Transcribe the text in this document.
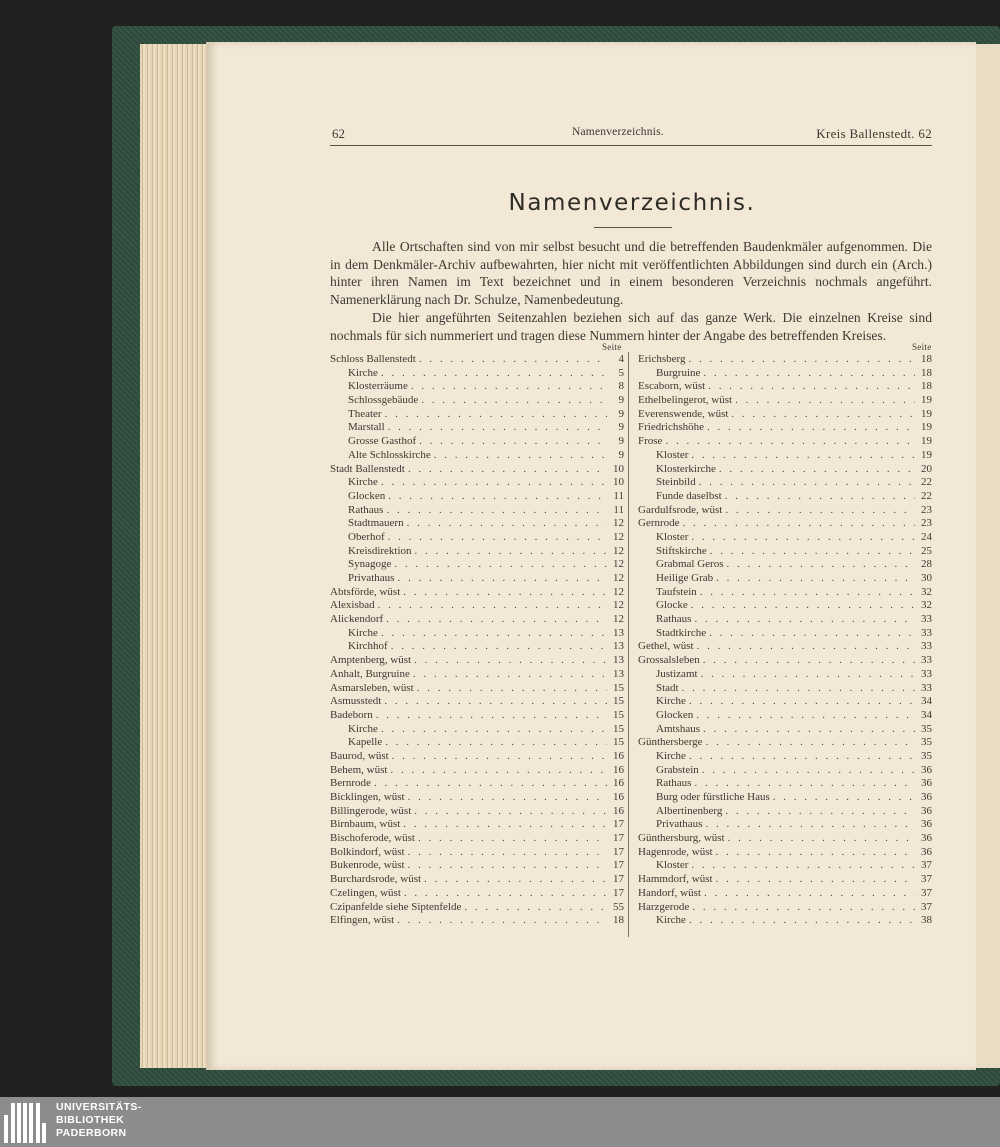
62	Namenverzeichnis.	Kreis Ballenstedt. 62
Namenverzeichnis.

Alle Ortschaften sind von mir selbst besucht und die betreffenden Baudenkmäler aufgenommen. Die in dem Denkmäler-Archiv aufbewahrten, hier nicht mit veröffentlichten Abbildungen sind durch ein (Arch.) hinter ihren Namen im Text bezeichnet und in einem besonderen Verzeichnis nochmals angeführt. Namenerklärung nach Dr. Schulze, Namenbedeutung.

Die hier angeführten Seitenzahlen beziehen sich auf das ganze Werk. Die einzelnen Kreise sind nochmals für sich nummeriert und tragen diese Nummern hinter der Angabe des betreffenden Kreises.

Seite	Seite
Schloss Ballenstedt . . .	4
Kirche . . .	5
Klosterräume . . .	8
Schlossgebäude . . .	9
Theater . . .	9
Marstall . . .	9
Grosse Gasthof . . .	9
Alte Schlosskirche . . .	9
Stadt Ballenstedt . . .	10
Kirche . . .	10
Glocken . . .	11
Rathaus . . .	11
Stadtmauern . . .	12
Oberhof . . .	12
Kreisdirektion . . .	12
Synagoge . . .	12
Privathaus . . .	12
Abtsförde, wüst . . .	12
Alexisbad . . .	12
Alickendorf . . .	12
Kirche . . .	13
Kirchhof . . .	13
Amptenberg, wüst . . .	13
Anhalt, Burgruine . . .	13
Asmarsleben, wüst . . .	15
Asmusstedt . . .	15
Badeborn . . .	15
Kirche . . .	15
Kapelle . . .	15
Baurod, wüst . . .	16
Behem, wüst . . .	16
Bernrode . . .	16
Bicklingen, wüst . . .	16
Billingerode, wüst . . .	16
Birnbaum, wüst . . .	17
Bischoferode, wüst . . .	17
Bolkindorf, wüst . . .	17
Bukenrode, wüst . . .	17
Burchardsrode, wüst . . .	17
Czelingen, wüst . . .	17
Czipanfelde siehe Siptenfelde . . .	55
Elfingen, wüst . . .	18
Erichsberg . . .	18
Burgruine . . .	18
Escaborn, wüst . . .	18
Ethelbelingerot, wüst . . .	19
Everenswende, wüst . . .	19
Friedrichshöhe . . .	19
Frose . . .	19
Kloster . . .	19
Klosterkirche . . .	20
Steinbild . . .	22
Funde daselbst . . .	22
Gardulfsrode, wüst . . .	23
Gernrode . . .	23
Kloster . . .	24
Stiftskirche . . .	25
Grabmal Geros . . .	28
Heilige Grab . . .	30
Taufstein . . .	32
Glocke . . .	32
Rathaus . . .	33
Stadtkirche . . .	33
Gethel, wüst . . .	33
Grossalsleben . . .	33
Justizamt . . .	33
Stadt . . .	33
Kirche . . .	34
Glocken . . .	34
Amtshaus . . .	35
Günthersberge . . .	35
Kirche . . .	35
Grabstein . . .	36
Rathaus . . .	36
Burg oder fürstliche Haus . . .	36
Albertinenberg . . .	36
Privathaus . . .	36
Günthersburg, wüst . . .	36
Hagenrode, wüst . . .	36
Kloster . . .	37
Hammdorf, wüst . . .	37
Handorf, wüst . . .	37
Harzgerode . . .	37
Kirche . . .	38
UNIVERSITÄTS-
BIBLIOTHEK
PADERBORN
